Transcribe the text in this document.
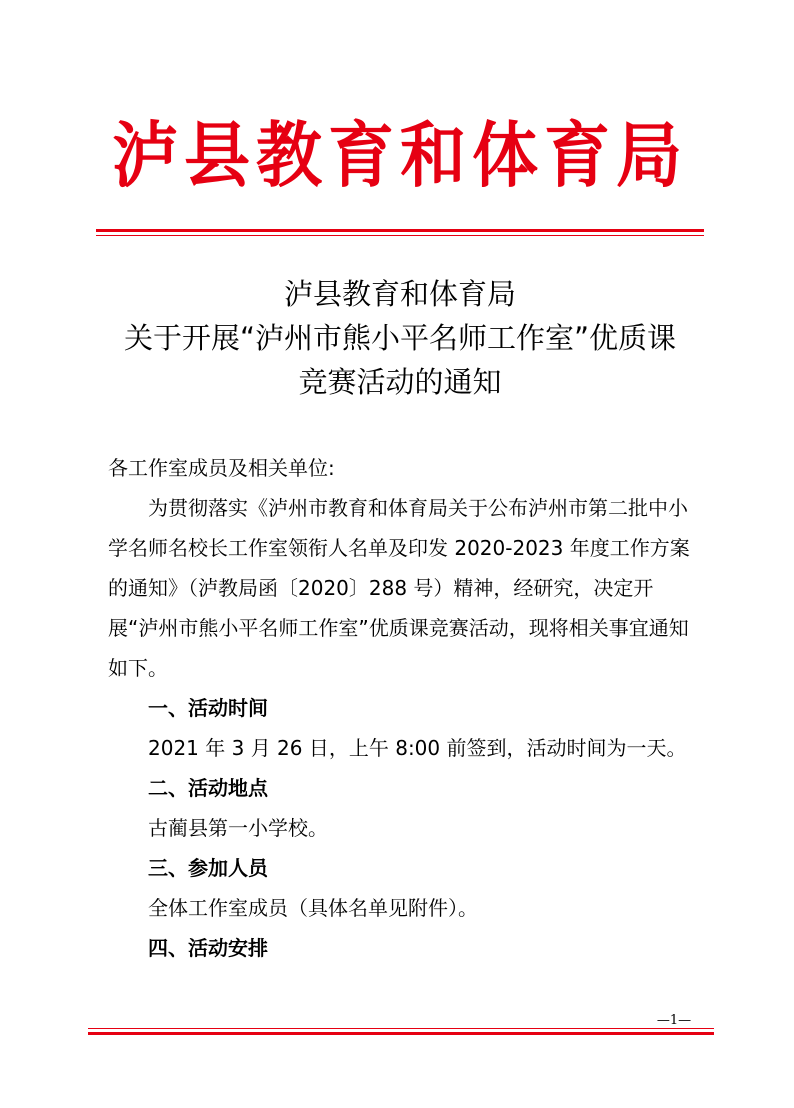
泸县教育和体育局
泸县教育和体育局
关于开展“泸州市熊小平名师工作室”优质课
竞赛活动的通知

各工作室成员及相关单位:

为贯彻落实《泸州市教育和体育局关于公布泸州市第二批中小学名师名校长工作室领衔人名单及印发 2020-2023 年度工作方案的通知》（泸教局函〔2020〕288 号）精神，经研究，决定开展“泸州市熊小平名师工作室”优质课竞赛活动，现将相关事宜通知如下。

一、活动时间

2021 年 3 月 26 日，上午 8:00 前签到，活动时间为一天。

二、活动地点

古蔺县第一小学校。

三、参加人员

全体工作室成员（具体名单见附件）。

四、活动安排

—1—
